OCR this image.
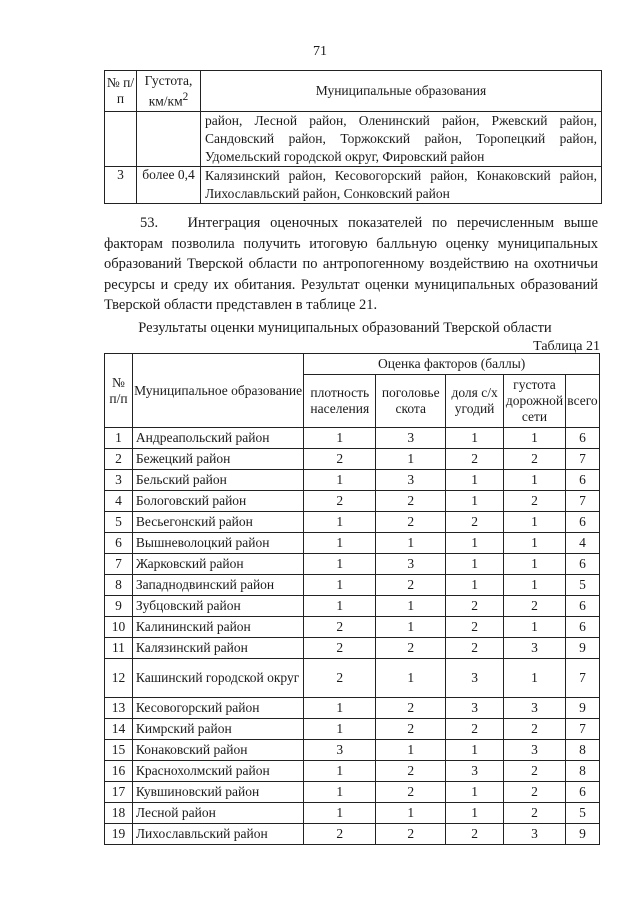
71
№ п/п	Густота, $км/км^2$	Муниципальные образования
		район, Лесной район, Оленинский район, Ржевский район, Сандовский район, Торжокский район, Торопецкий район, Удомельский городской округ, Фировский район
3	более 0,4	Калязинский район, Кесовогорский район, Конаковский район, Лихославльский район, Сонковский район
53. Интеграция оценочных показателей по перечисленным выше факторам позволила получить итоговую балльную оценку муниципальных образований Тверской области по антропогенному воздействию на охотничьи ресурсы и среду их обитания. Результат оценки муниципальных образований Тверской области представлен в таблице 21.
Результаты оценки муниципальных образований Тверской области
Таблица 21
№ п/п	Муниципальное образование	Оценка факторов (баллы)				
		плотность населения	поголовье скота	доля с/х угодий	густота дорожной сети	всего
1	Андреапольский район	1	3	1	1	6
2	Бежецкий район	2	1	2	2	7
3	Бельский район	1	3	1	1	6
4	Бологовский район	2	2	1	2	7
5	Весьегонский район	1	2	2	1	6
6	Вышневолоцкий район	1	1	1	1	4
7	Жарковский район	1	3	1	1	6
8	Западнодвинский район	1	2	1	1	5
9	Зубцовский район	1	1	2	2	6
10	Калининский район	2	1	2	1	6
11	Калязинский район	2	2	2	3	9
12	Кашинский городской округ	2	1	3	1	7
13	Кесовогорский район	1	2	3	3	9
14	Кимрский район	1	2	2	2	7
15	Конаковский район	3	1	1	3	8
16	Краснохолмский район	1	2	3	2	8
17	Кувшиновский район	1	2	1	2	6
18	Лесной район	1	1	1	2	5
19	Лихославльский район	2	2	2	3	9
